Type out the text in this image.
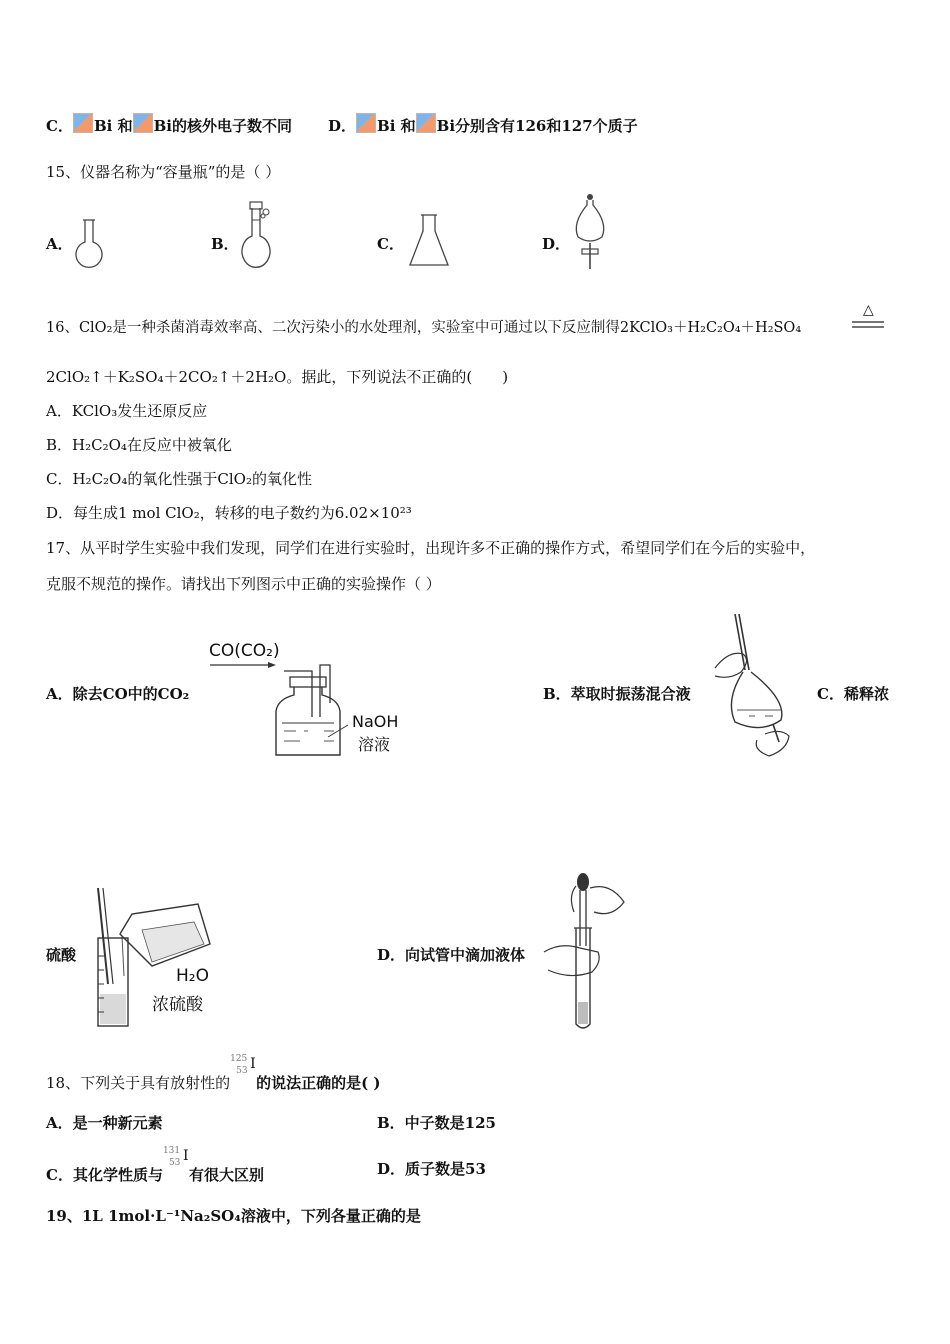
C． Bi 和 Bi的核外电子数不同 D． Bi 和 Bi分别含有126和127个质子
15、仪器名称为“容量瓶”的是（ ）
A．	B．	C．	D．
16、ClO₂是一种杀菌消毒效率高、二次污染小的水处理剂，实验室中可通过以下反应制得2KClO₃＋H₂C₂O₄＋H₂SO₄
△
2ClO₂↑＋K₂SO₄＋2CO₂↑＋2H₂O。据此，下列说法不正确的(　　)
A．KClO₃发生还原反应
B．H₂C₂O₄在反应中被氧化
C．H₂C₂O₄的氧化性强于ClO₂的氧化性
D．每生成1 mol ClO₂，转移的电子数约为6.02×10²³
17、从平时学生实验中我们发现，同学们在进行实验时，出现许多不正确的操作方式，希望同学们在今后的实验中，
克服不规范的操作。请找出下列图示中正确的实验操作（ ）
A．除去CO中的CO₂	B．萃取时振荡混合液	C．稀释浓
硫酸	D．向试管中滴加液体
CO(CO₂)
NaOH
溶液
H₂O
浓硫酸
18、下列关于具有放射性的
125
53 I
的说法正确的是( )
A．是一种新元素	B．中子数是125
C．其化学性质与
131
53 I
有很大区别	D．质子数是53
19、1L 1mol·L⁻¹Na₂SO₄溶液中，下列各量正确的是
